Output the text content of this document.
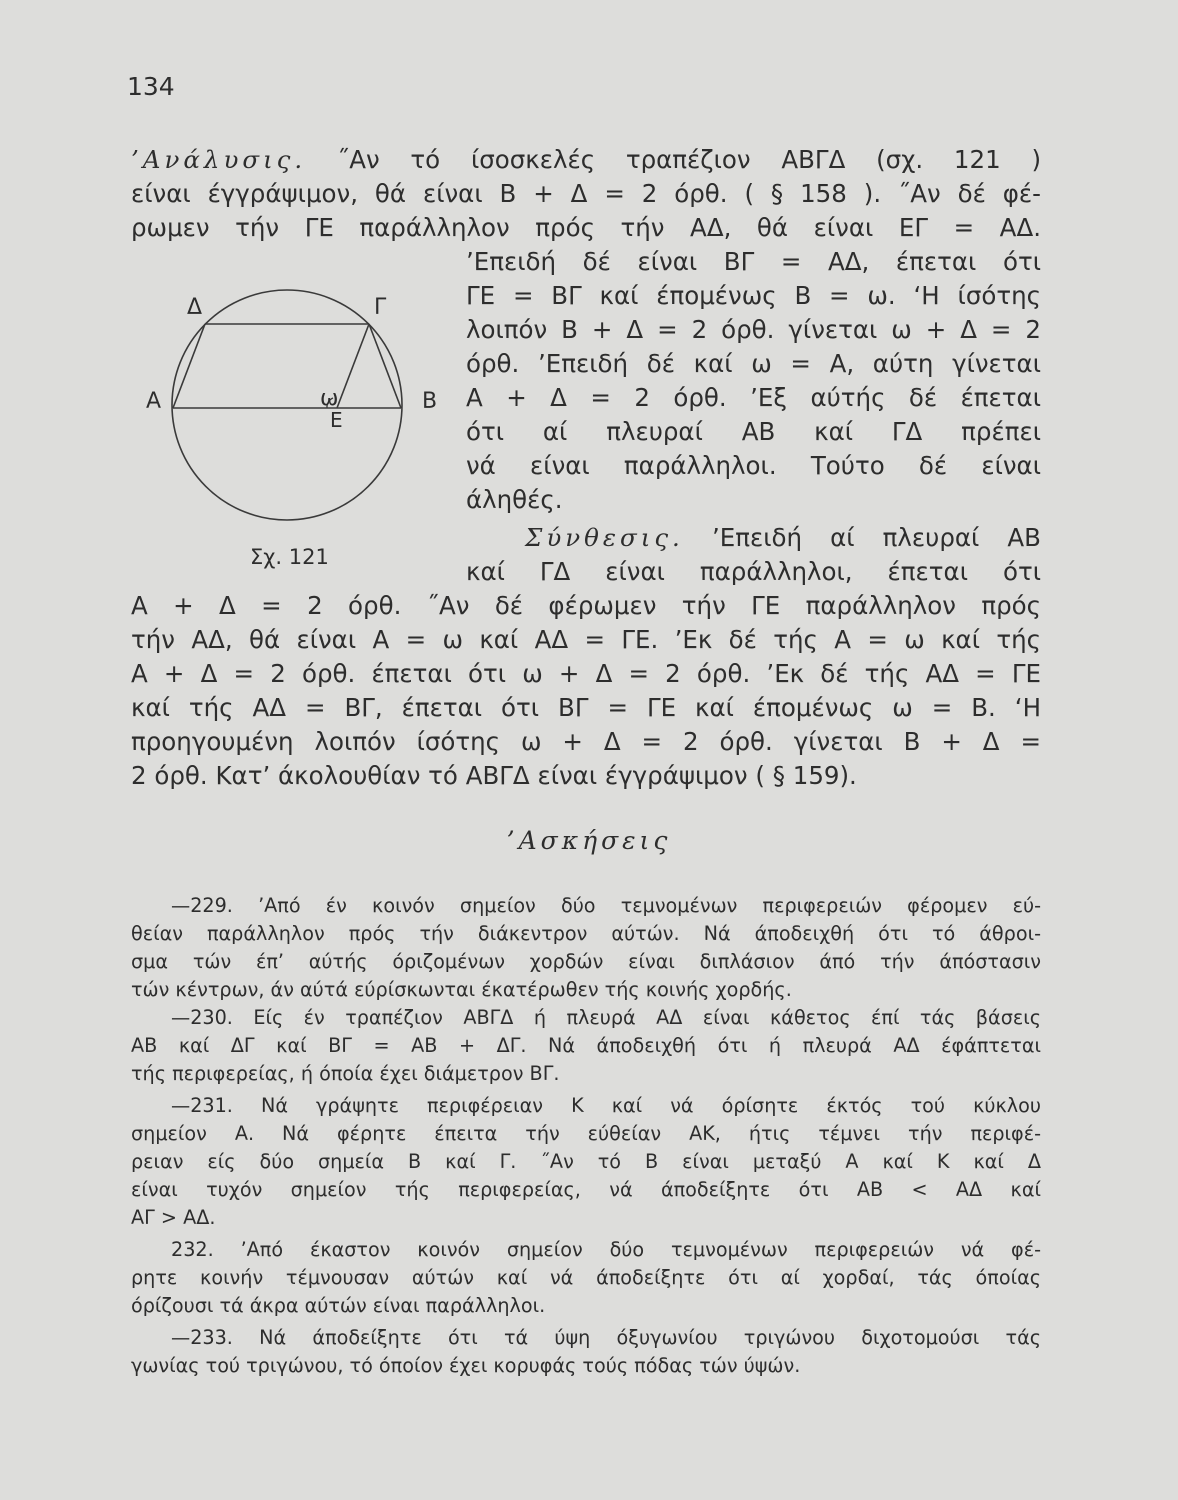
134
’Ανάλυσις. ˝Αν τό ίσοσκελές τραπέζιον ΑΒΓΔ (σχ. 121 )
είναι έγγράψιμον, θά είναι Β + Δ = 2 όρθ. ( § 158 ). ˝Αν δέ φέ-
ρωμεν τήν ΓΕ παράλληλον πρός τήν ΑΔ, θά είναι ΕΓ = ΑΔ.
’Επειδή δέ είναι ΒΓ = ΑΔ, έπεται ότι
ΓΕ = ΒΓ καί έπομένως Β = ω. ‘Η ίσότης
λοιπόν Β + Δ = 2 όρθ. γίνεται ω + Δ = 2
όρθ. ’Επειδή δέ καί ω = Α, αύτη γίνεται
Α + Δ = 2 όρθ. ’Εξ αύτής δέ έπεται
ότι αί πλευραί ΑΒ καί ΓΔ πρέπει
νά είναι παράλληλοι. Τούτο δέ είναι
άληθές.
Δ	Γ
Α	Β
ω
Ε
Σχ. 121
Σύνθεσις. ’Επειδή αί πλευραί ΑΒ
καί ΓΔ είναι παράλληλοι, έπεται ότι
Α + Δ = 2 όρθ. ˝Αν δέ φέρωμεν τήν ΓΕ παράλληλον πρός
τήν ΑΔ, θά είναι Α = ω καί ΑΔ = ΓΕ. ’Εκ δέ τής Α = ω καί τής
Α + Δ = 2 όρθ. έπεται ότι ω + Δ = 2 όρθ. ’Εκ δέ τής ΑΔ = ΓΕ
καί τής ΑΔ = ΒΓ, έπεται ότι ΒΓ = ΓΕ καί έπομένως ω = Β. ‘Η
προηγουμένη λοιπόν ίσότης ω + Δ = 2 όρθ. γίνεται Β + Δ =
2 όρθ. Κατ’ άκολουθίαν τό ΑΒΓΔ είναι έγγράψιμον ( § 159).
’Ασκήσεις
—229. ’Από έν κοινόν σημείον δύο τεμνομένων περιφερειών φέρομεν εύ-
θείαν παράλληλον πρός τήν διάκεντρον αύτών. Νά άποδειχθή ότι τό άθροι-
σμα τών έπ’ αύτής όριζομένων χορδών είναι διπλάσιον άπό τήν άπόστασιν
τών κέντρων, άν αύτά εύρίσκωνται έκατέρωθεν τής κοινής χορδής.
—230. Είς έν τραπέζιον ΑΒΓΔ ή πλευρά ΑΔ είναι κάθετος έπί τάς βάσεις
ΑΒ καί ΔΓ καί ΒΓ = ΑΒ + ΔΓ. Νά άποδειχθή ότι ή πλευρά ΑΔ έφάπτεται
τής περιφερείας, ή όποία έχει διάμετρον ΒΓ.
—231. Νά γράψητε περιφέρειαν Κ καί νά όρίσητε έκτός τού κύκλου
σημείον Α. Νά φέρητε έπειτα τήν εύθείαν ΑΚ, ήτις τέμνει τήν περιφέ-
ρειαν είς δύο σημεία Β καί Γ. ˝Αν τό Β είναι μεταξύ Α καί Κ καί Δ
είναι τυχόν σημείον τής περιφερείας, νά άποδείξητε ότι ΑΒ < ΑΔ καί
ΑΓ > ΑΔ.
232. ’Από έκαστον κοινόν σημείον δύο τεμνομένων περιφερειών νά φέ-
ρητε κοινήν τέμνουσαν αύτών καί νά άποδείξητε ότι αί χορδαί, τάς όποίας
όρίζουσι τά άκρα αύτών είναι παράλληλοι.
—233. Νά άποδείξητε ότι τά ύψη όξυγωνίου τριγώνου διχοτομούσι τάς
γωνίας τού τριγώνου, τό όποίον έχει κορυφάς τούς πόδας τών ύψών.
